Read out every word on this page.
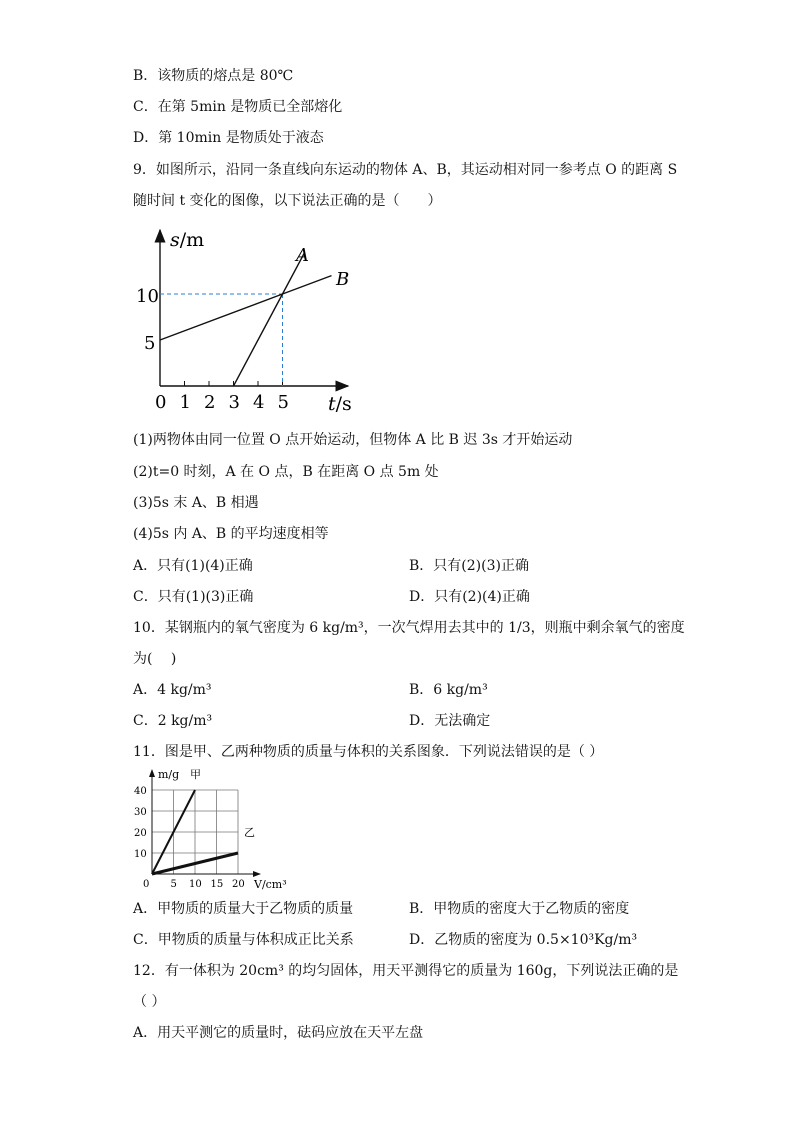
B．该物质的熔点是 80℃
C．在第 5min 是物质已全部熔化
D．第 10min 是物质处于液态
9．如图所示，沿同一条直线向东运动的物体 A、B，其运动相对同一参考点 O 的距离 S
随时间 t 变化的图像，以下说法正确的是（　　）
s/m
t/s
A
B
10
5
0 1 2 3 4 5
(1)两物体由同一位置 O 点开始运动，但物体 A 比 B 迟 3s 才开始运动
(2)t=0 时刻，A 在 O 点，B 在距离 O 点 5m 处
(3)5s 末 A、B 相遇
(4)5s 内 A、B 的平均速度相等
A．只有(1)(4)正确	B．只有(2)(3)正确
C．只有(1)(3)正确	D．只有(2)(4)正确
10．某钢瓶内的氧气密度为 6 kg/m³，一次气焊用去其中的 1/3，则瓶中剩余氧气的密度
为(　 )
A．4 kg/m³	B．6 kg/m³
C．2 kg/m³	D．无法确定
11．图是甲、乙两种物质的质量与体积的关系图象．下列说法错误的是（ ）
m/g 甲
乙
V/cm³
0 5 10 15 20
10
20
30
40
A．甲物质的质量大于乙物质的质量	B．甲物质的密度大于乙物质的密度
C．甲物质的质量与体积成正比关系	D．乙物质的密度为 0.5×10³Kg/m³
12．有一体积为 20cm³ 的均匀固体，用天平测得它的质量为 160g，下列说法正确的是
（ ）
A．用天平测它的质量时，砝码应放在天平左盘
